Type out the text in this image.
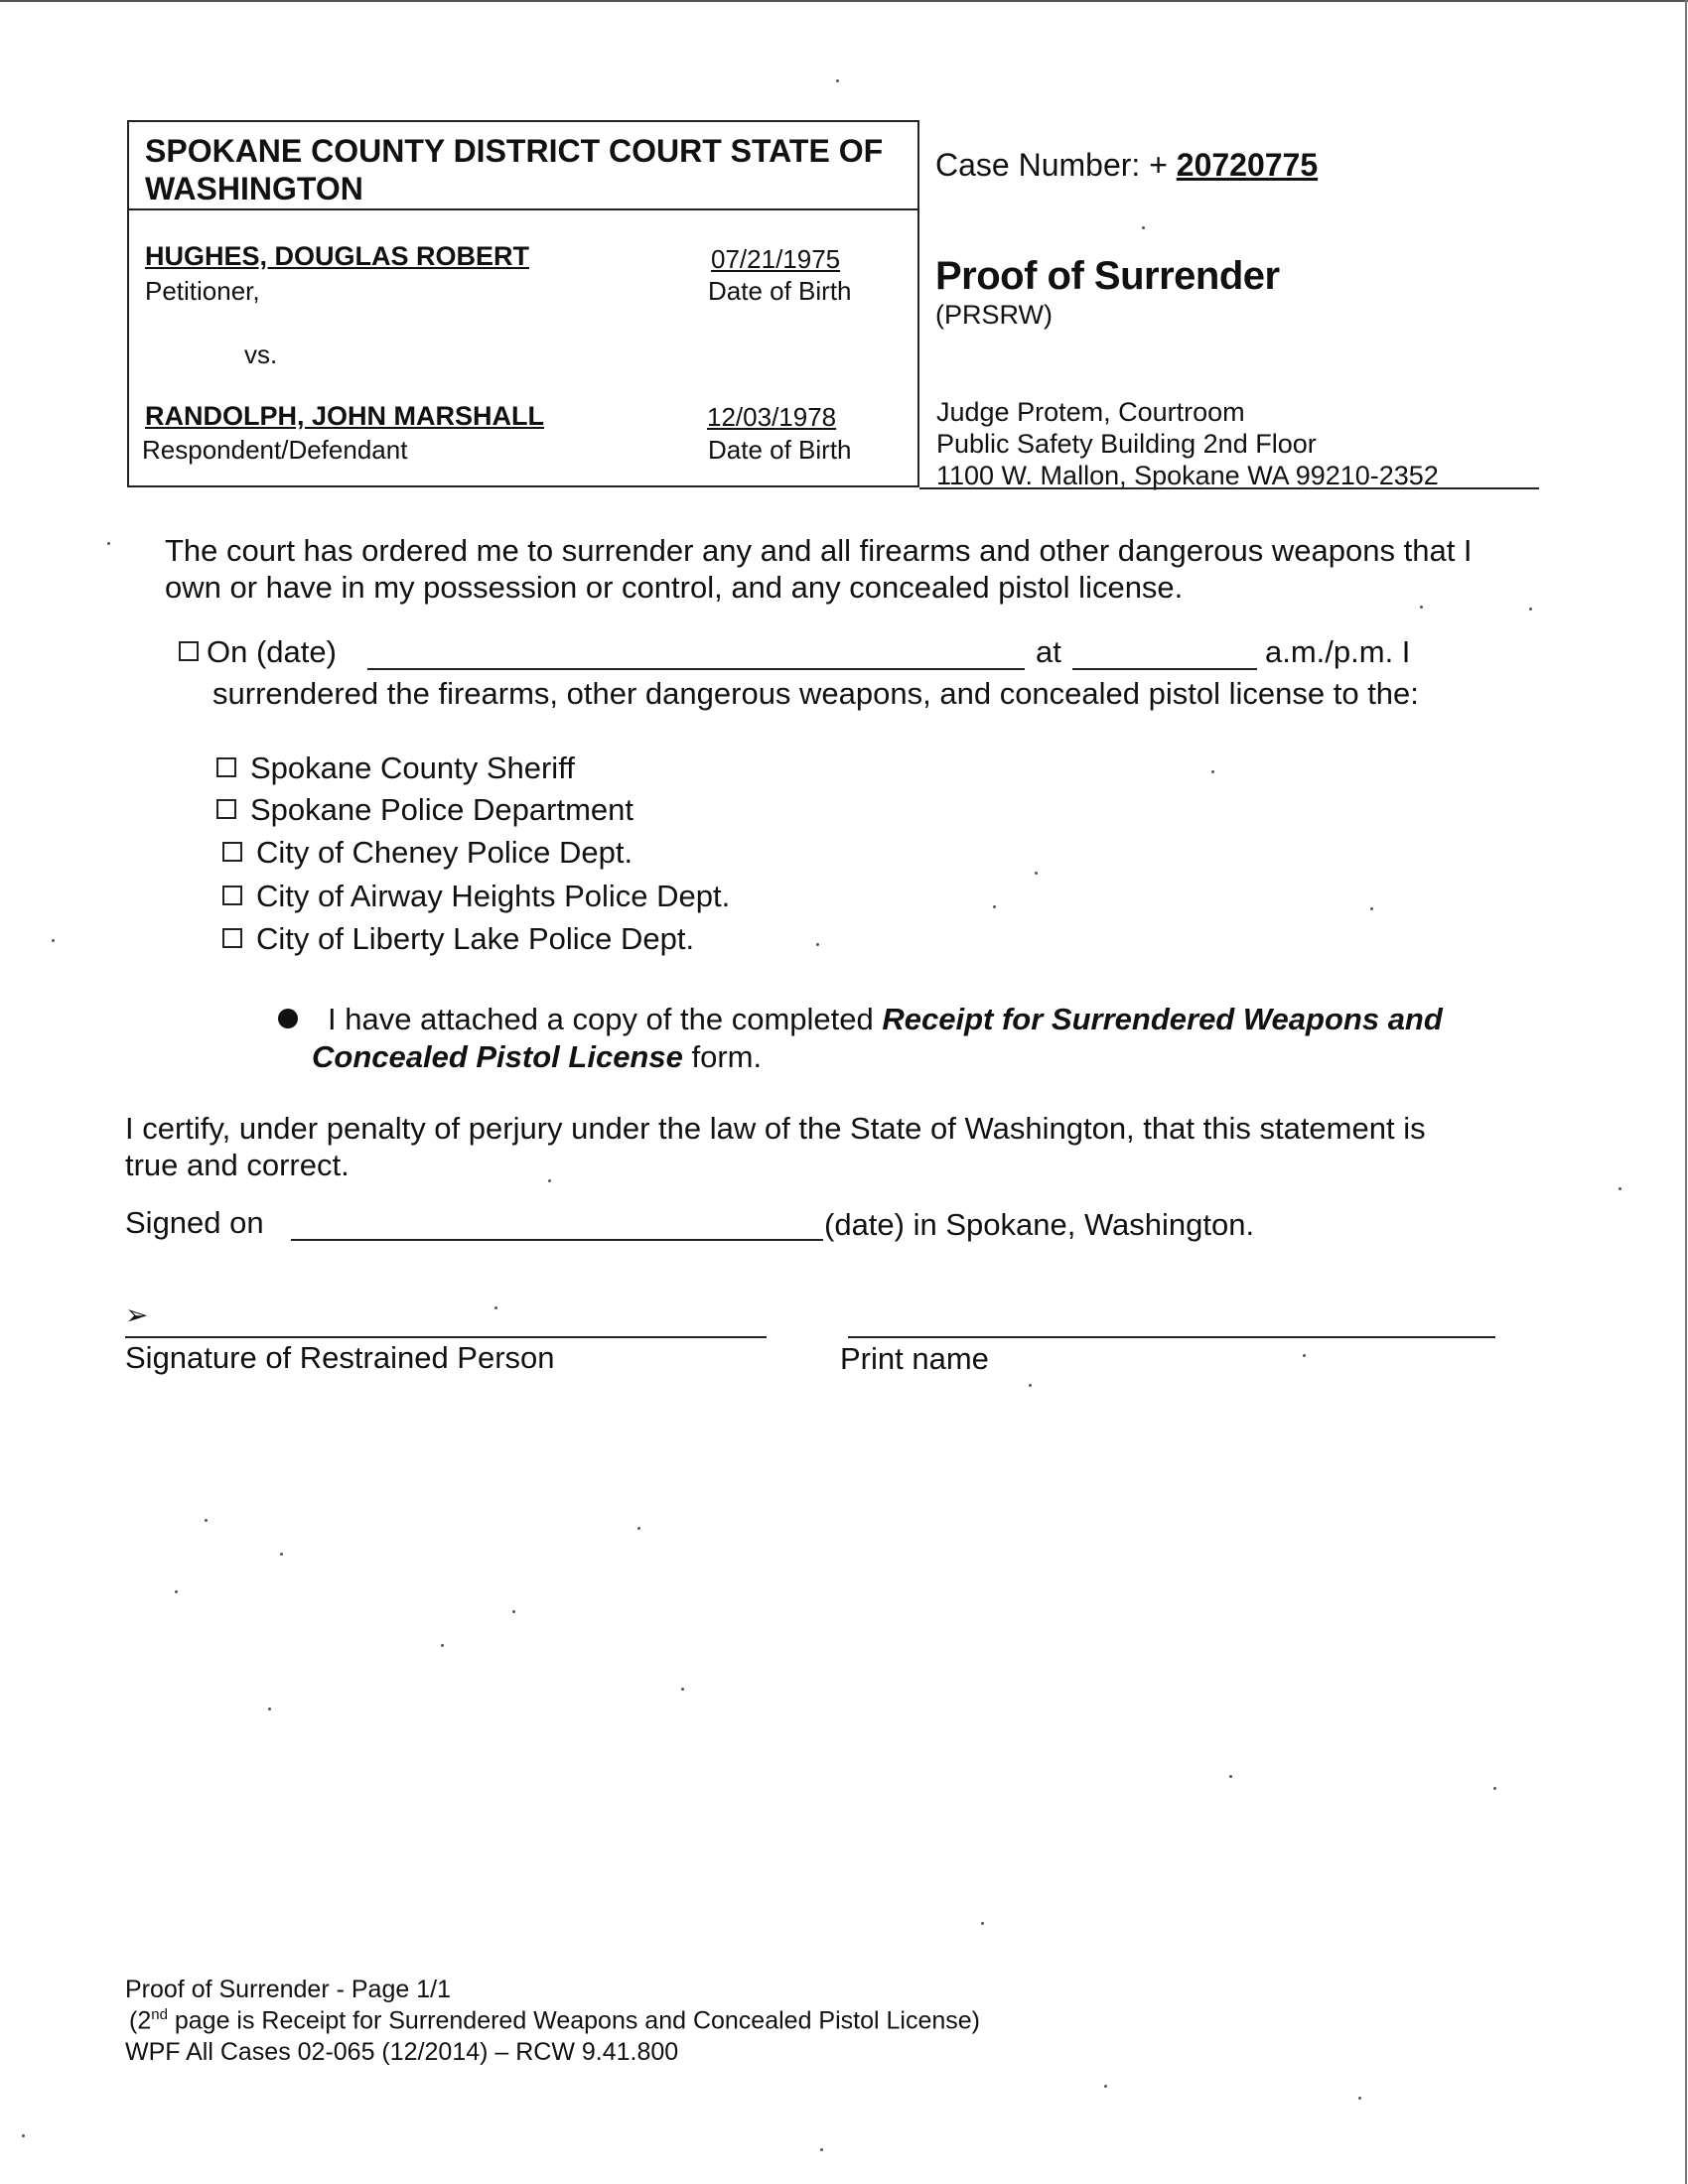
SPOKANE COUNTY DISTRICT COURT STATE OF WASHINGTON
HUGHES, DOUGLAS ROBERT
Petitioner,
07/21/1975
Date of Birth
vs.
RANDOLPH, JOHN MARSHALL
Respondent/Defendant
12/03/1978
Date of Birth
Case Number: + 20720775
Proof of Surrender
(PRSRW)
Judge Protem, Courtroom
Public Safety Building 2nd Floor
1100 W. Mallon, Spokane WA 99210-2352
The court has ordered me to surrender any and all firearms and other dangerous weapons that I own or have in my possession or control, and any concealed pistol license.
On (date)	at	a.m./p.m. I
surrendered the firearms, other dangerous weapons, and concealed pistol license to the:
Spokane County Sheriff
Spokane Police Department
City of Cheney Police Dept.
City of Airway Heights Police Dept.
City of Liberty Lake Police Dept.
I have attached a copy of the completed Receipt for Surrendered Weapons and
Concealed Pistol License form.
I certify, under penalty of perjury under the law of the State of Washington, that this statement is
true and correct.
Signed on	(date) in Spokane, Washington.
➢
Signature of Restrained Person	Print name
Proof of Surrender - Page 1/1
(2nd page is Receipt for Surrendered Weapons and Concealed Pistol License)
WPF All Cases 02-065 (12/2014) – RCW 9.41.800
